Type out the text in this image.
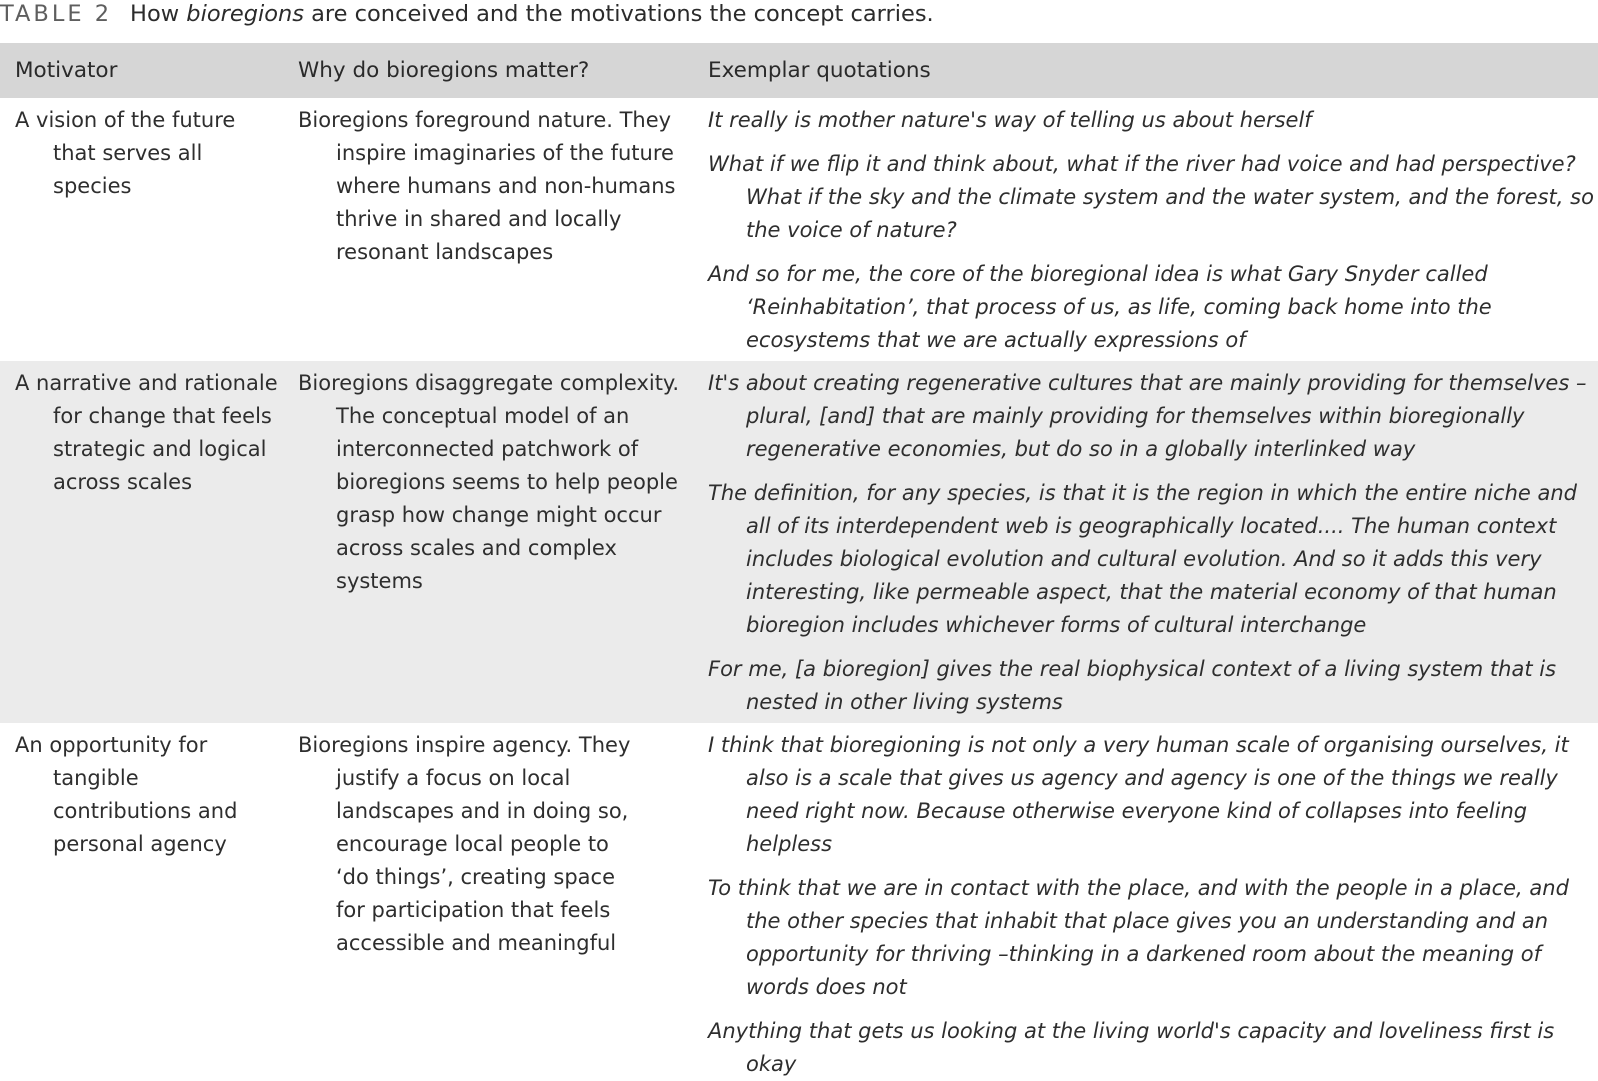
TABLE 2 How bioregions are conceived and the motivations the concept carries.
Motivator	Why do bioregions matter?	Exemplar quotations

A vision of the future that serves all species	Bioregions foreground nature. They inspire imaginaries of the future where humans and non-humans thrive in shared and locally resonant landscapes	It really is mother nature's way of telling us about herself

What if we flip it and think about, what if the river had voice and had perspective? What if the sky and the climate system and the water system, and the forest, so the voice of nature?

And so for me, the core of the bioregional idea is what Gary Snyder called ‘Reinhabitation’, that process of us, as life, coming back home into the ecosystems that we are actually expressions of

A narrative and rationale for change that feels strategic and logical across scales	Bioregions disaggregate complexity. The conceptual model of an interconnected patchwork of bioregions seems to help people grasp how change might occur across scales and complex systems	It's about creating regenerative cultures that are mainly providing for themselves –plural, [and] that are mainly providing for themselves within bioregionally regenerative economies, but do so in a globally interlinked way

The definition, for any species, is that it is the region in which the entire niche and all of its interdependent web is geographically located.... The human context includes biological evolution and cultural evolution. And so it adds this very interesting, like permeable aspect, that the material economy of that human bioregion includes whichever forms of cultural interchange

For me, [a bioregion] gives the real biophysical context of a living system that is nested in other living systems

An opportunity for tangible contributions and personal agency	Bioregions inspire agency. They justify a focus on local landscapes and in doing so, encourage local people to ‘do things’, creating space for participation that feels accessible and meaningful	I think that bioregioning is not only a very human scale of organising ourselves, it also is a scale that gives us agency and agency is one of the things we really need right now. Because otherwise everyone kind of collapses into feeling helpless

To think that we are in contact with the place, and with the people in a place, and the other species that inhabit that place gives you an understanding and an opportunity for thriving –thinking in a darkened room about the meaning of words does not

Anything that gets us looking at the living world's capacity and loveliness first is okay
